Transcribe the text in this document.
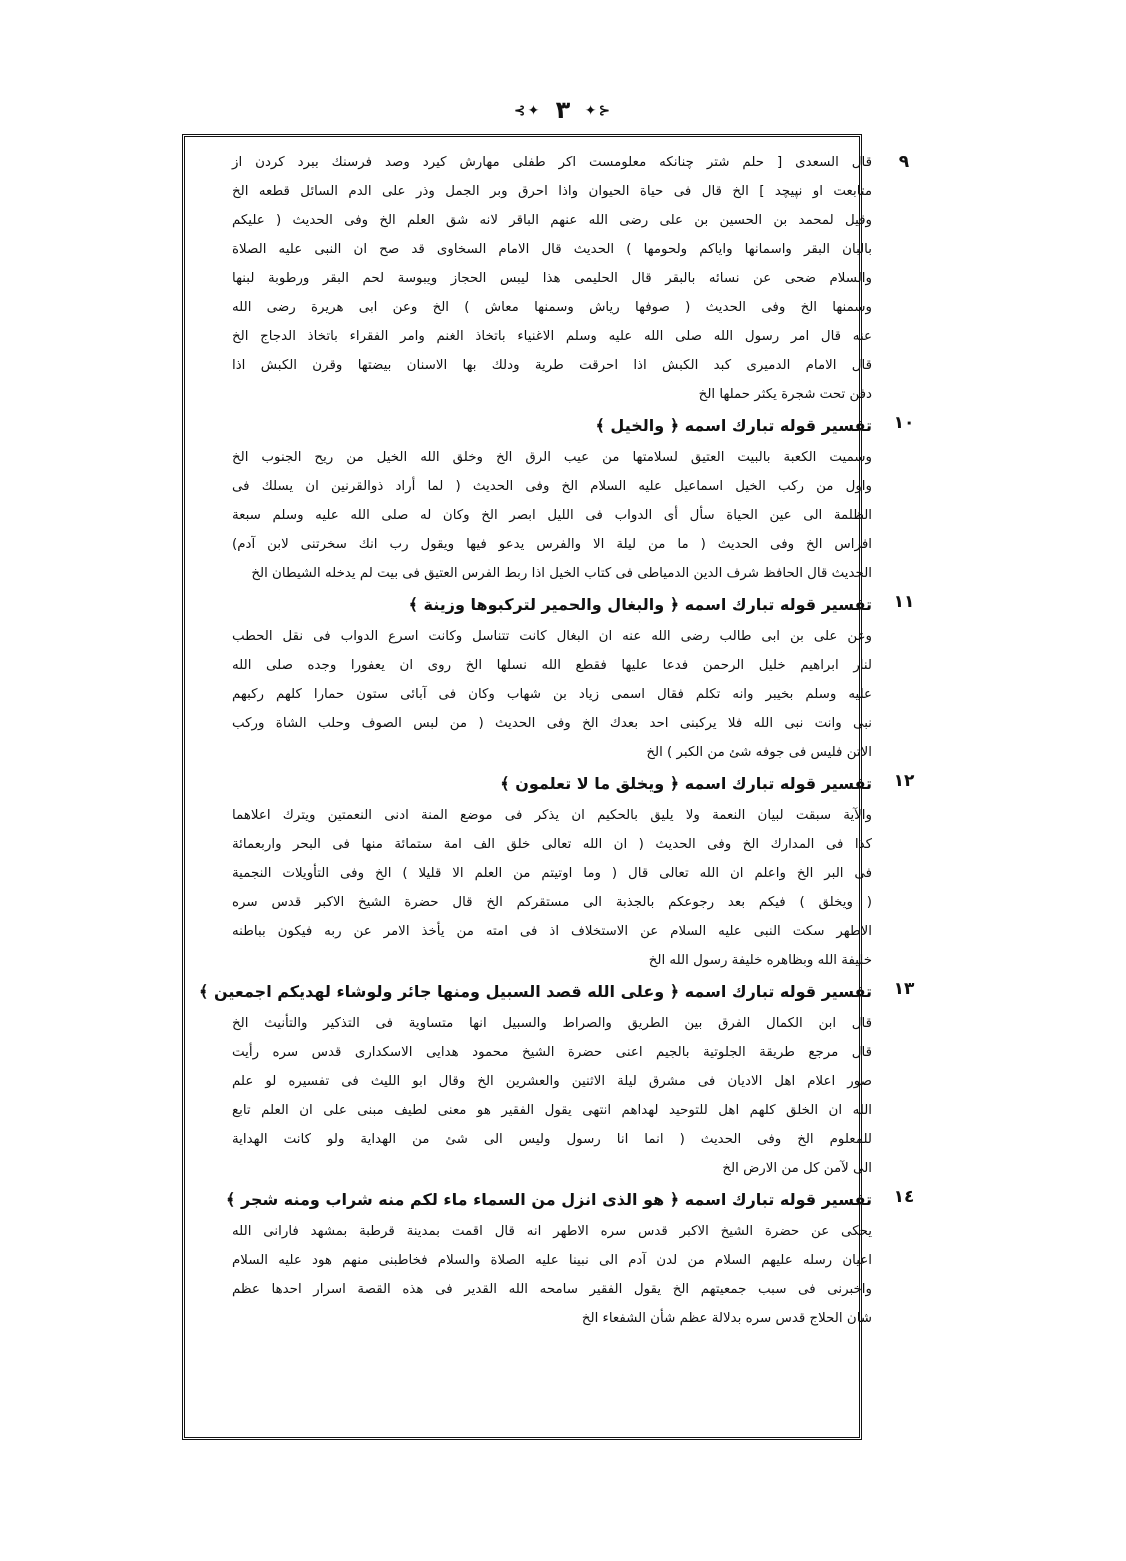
⊰✦ ٣ ✦⊱
٩
قال السعدى [ حلم شتر چنانكه معلومست اكر طفلى مهارش كيرد وصد فرسنك ببرد كردن از
متابعت او نپيچد ] الخ قال فى حياة الحيوان واذا احرق وبر الجمل وذر على الدم السائل قطعه الخ
وقيل لمحمد بن الحسين بن على رضى الله عنهم الباقر لانه شق العلم الخ وفى الحديث ( عليكم
بالبان البقر واسمانها واياكم ولحومها ) الحديث قال الامام السخاوى قد صح ان النبى عليه الصلاة
والسلام ضحى عن نسائه بالبقر قال الحليمى هذا ليبس الحجاز ويبوسة لحم البقر ورطوبة لبنها
وسمنها الخ وفى الحديث ( صوفها رياش وسمنها معاش ) الخ وعن ابى هريرة رضى الله
عنه قال امر رسول الله صلى الله عليه وسلم الاغنياء باتخاذ الغنم وامر الفقراء باتخاذ الدجاج الخ
قال الامام الدميرى كبد الكبش اذا احرقت طرية ودلك بها الاسنان بيضتها وقرن الكبش اذا
دفن تحت شجرة يكثر حملها الخ
١٠
تفسير قوله تبارك اسمه ﴿ والخيل ﴾
وسميت الكعبة بالبيت العتيق لسلامتها من عيب الرق الخ وخلق الله الخيل من ريح الجنوب الخ
واول من ركب الخيل اسماعيل عليه السلام الخ وفى الحديث ( لما أراد ذوالقرنين ان يسلك فى
الظلمة الى عين الحياة سأل أى الدواب فى الليل ابصر الخ وكان له صلى الله عليه وسلم سبعة
افراس الخ وفى الحديث ( ما من ليلة الا والفرس يدعو فيها ويقول رب انك سخرتنى لابن آدم)
الحديث قال الحافظ شرف الدين الدمياطى فى كتاب الخيل اذا ربط الفرس العتيق فى بيت لم يدخله الشيطان الخ
١١
تفسير قوله تبارك اسمه ﴿ والبغال والحمير لتركبوها وزينة ﴾
وعن على بن ابى طالب رضى الله عنه ان البغال كانت تتناسل وكانت اسرع الدواب فى نقل الحطب
لنار ابراهيم خليل الرحمن فدعا عليها فقطع الله نسلها الخ روى ان يعفورا وجده صلى الله
عليه وسلم بخيبر وانه تكلم فقال اسمى زياد بن شهاب وكان فى آبائى ستون حمارا كلهم ركبهم
نبى وانت نبى الله فلا يركبنى احد بعدك الخ وفى الحديث ( من لبس الصوف وحلب الشاة وركب
الاتن فليس فى جوفه شئ من الكبر ) الخ
١٢
تفسير قوله تبارك اسمه ﴿ ويخلق ما لا تعلمون ﴾
والآية سبقت لبيان النعمة ولا يليق بالحكيم ان يذكر فى موضع المنة ادنى النعمتين ويترك اعلاهما
كذا فى المدارك الخ وفى الحديث ( ان الله تعالى خلق الف امة ستمائة منها فى البحر واربعمائة
فى البر الخ واعلم ان الله تعالى قال ( وما اوتيتم من العلم الا قليلا ) الخ وفى التأويلات النجمية
( ويخلق ) فيكم بعد رجوعكم بالجذبة الى مستقركم الخ قال حضرة الشيخ الاكبر قدس سره
الاطهر سكت النبى عليه السلام عن الاستخلاف اذ فى امته من يأخذ الامر عن ربه فيكون بباطنه
خليفة الله وبظاهره خليفة رسول الله الخ
١٣
تفسير قوله تبارك اسمه ﴿ وعلى الله قصد السبيل ومنها جائر ولوشاء لهديكم اجمعين ﴾
قال ابن الكمال الفرق بين الطريق والصراط والسبيل انها متساوية فى التذكير والتأنيث الخ
قال مرجع طريقة الجلوتية بالجيم اعنى حضرة الشيخ محمود هدايى الاسكدارى قدس سره رأيت
صور اعلام اهل الاديان فى مشرق ليلة الاثنين والعشرين الخ وقال ابو الليث فى تفسيره لو علم
الله ان الخلق كلهم اهل للتوحيد لهداهم انتهى يقول الفقير هو معنى لطيف مبنى على ان العلم تابع
للمعلوم الخ وفى الحديث ( انما انا رسول وليس الى شئ من الهداية ولو كانت الهداية
الى لآمن كل من الارض الخ
١٤
تفسير قوله تبارك اسمه ﴿ هو الذى انزل من السماء ماء لكم منه شراب ومنه شجر ﴾
يحكى عن حضرة الشيخ الاكبر قدس سره الاطهر انه قال اقمت بمدينة قرطبة بمشهد فارانى الله
اعيان رسله عليهم السلام من لدن آدم الى نبينا عليه الصلاة والسلام فخاطبنى منهم هود عليه السلام
واخبرنى فى سبب جمعيتهم الخ يقول الفقير سامحه الله القدير فى هذه القصة اسرار احدها عظم
شان الحلاج قدس سره بدلالة عظم شأن الشفعاء الخ
